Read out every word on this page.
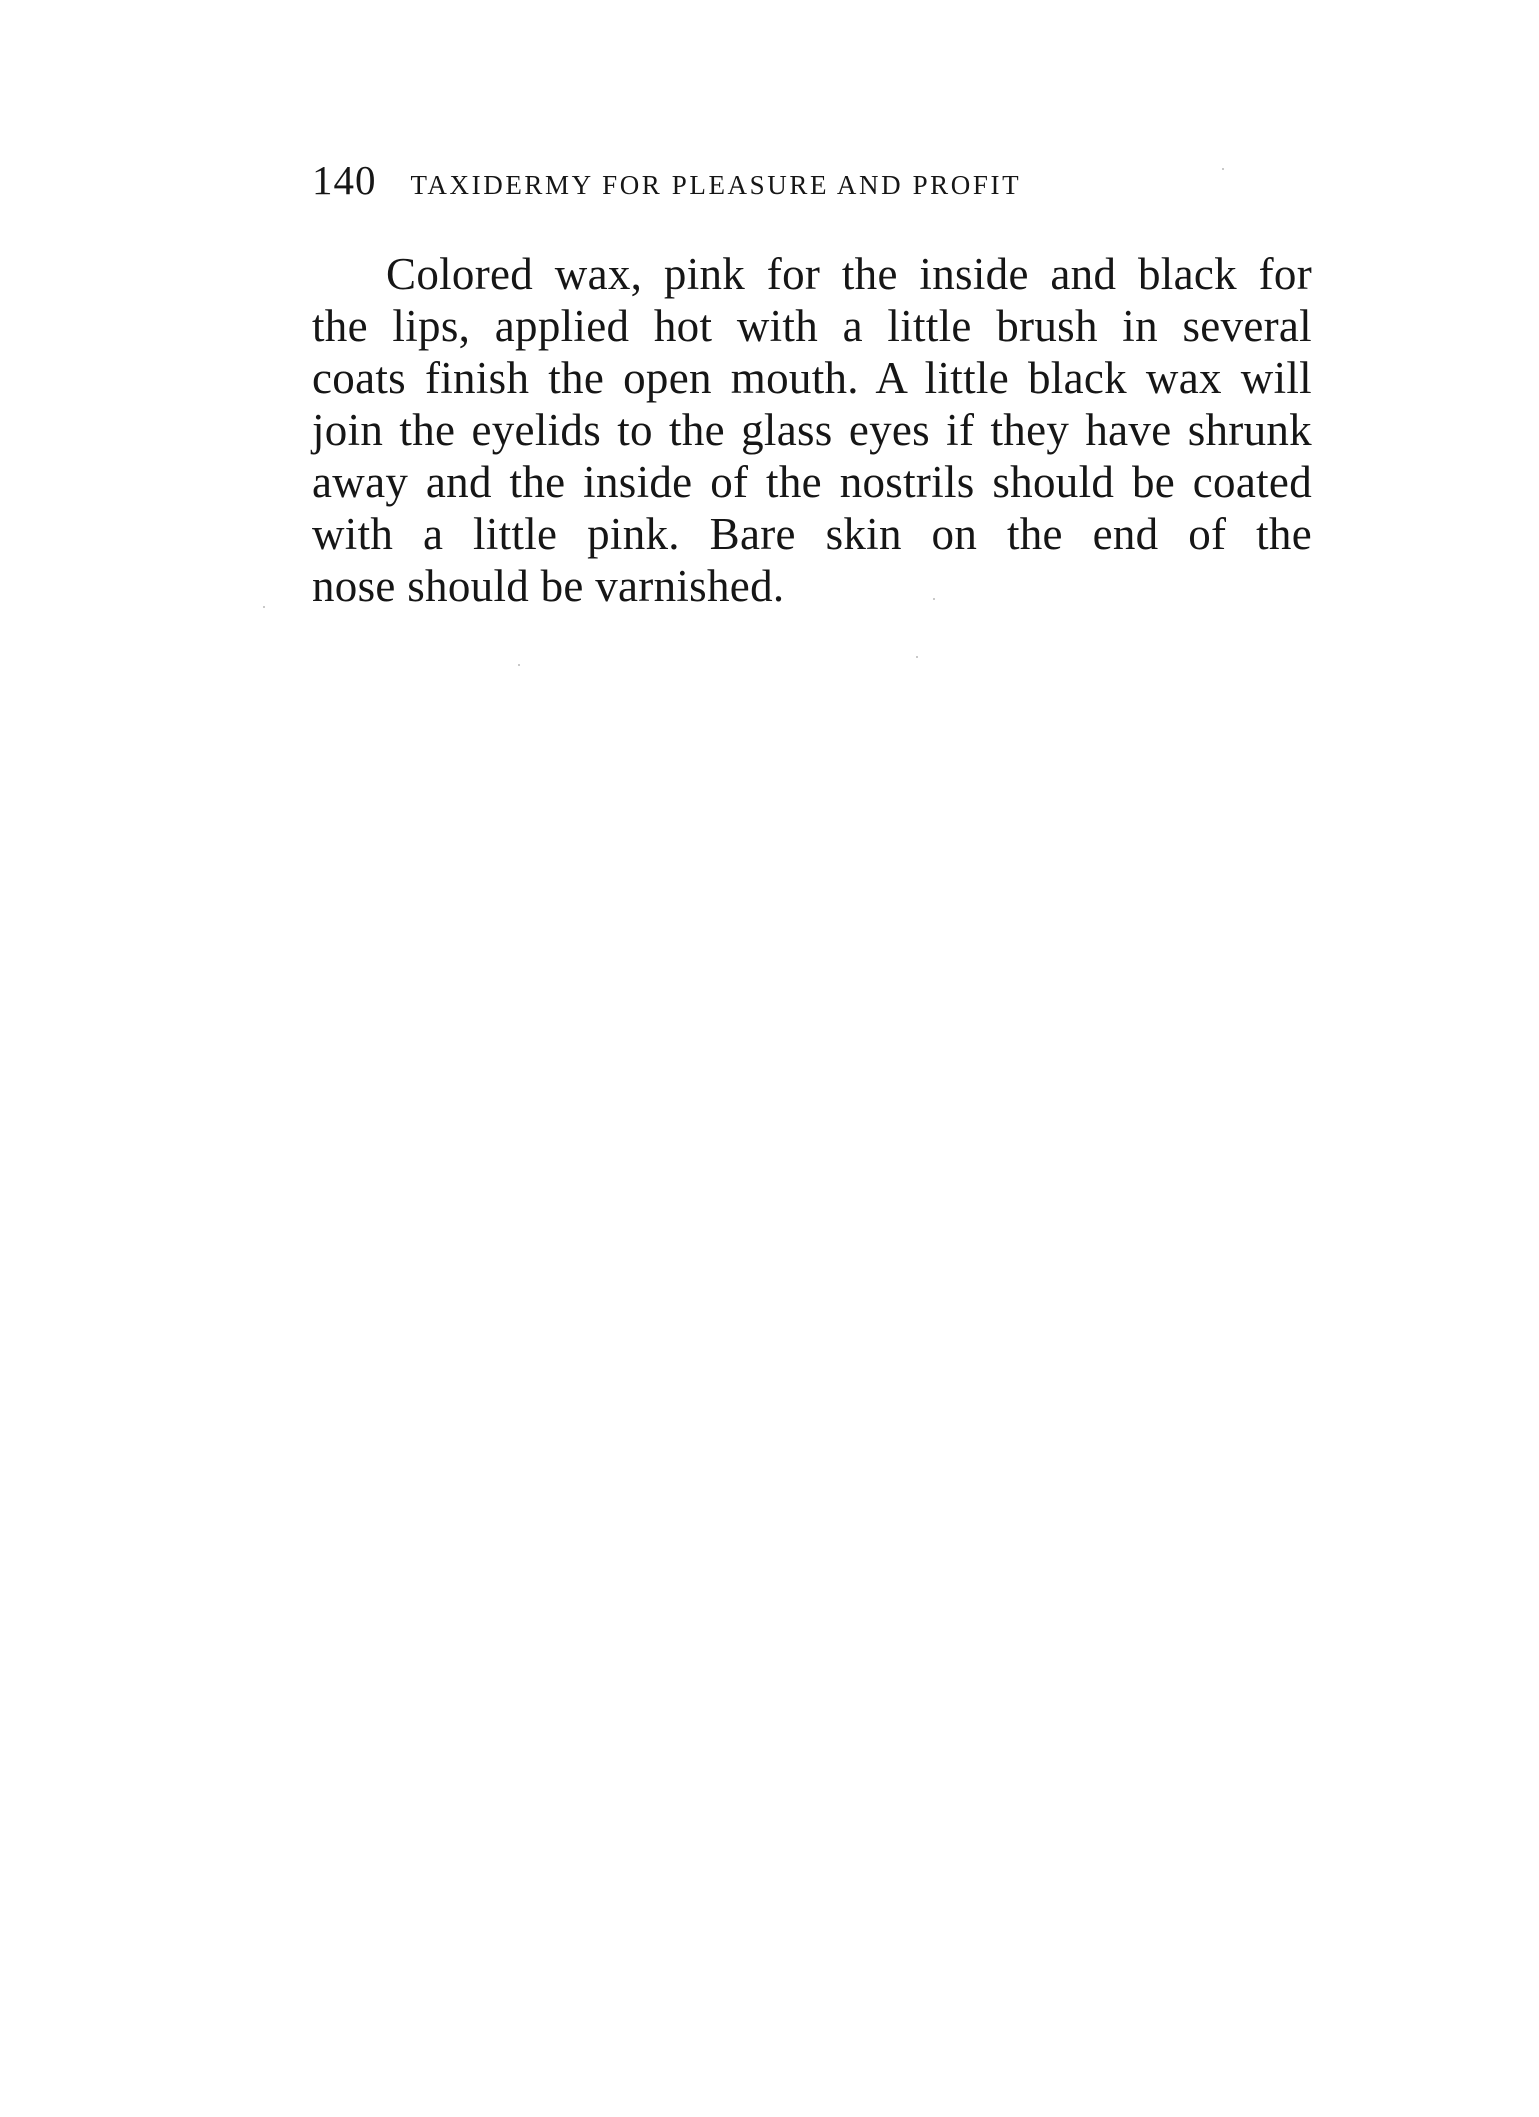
140 TAXIDERMY FOR PLEASURE AND PROFIT
Colored wax, pink for the inside and black for
the lips, applied hot with a little brush in several
coats finish the open mouth. A little black wax will
join the eyelids to the glass eyes if they have shrunk
away and the inside of the nostrils should be coated
with a little pink. Bare skin on the end of the
nose should be varnished.
